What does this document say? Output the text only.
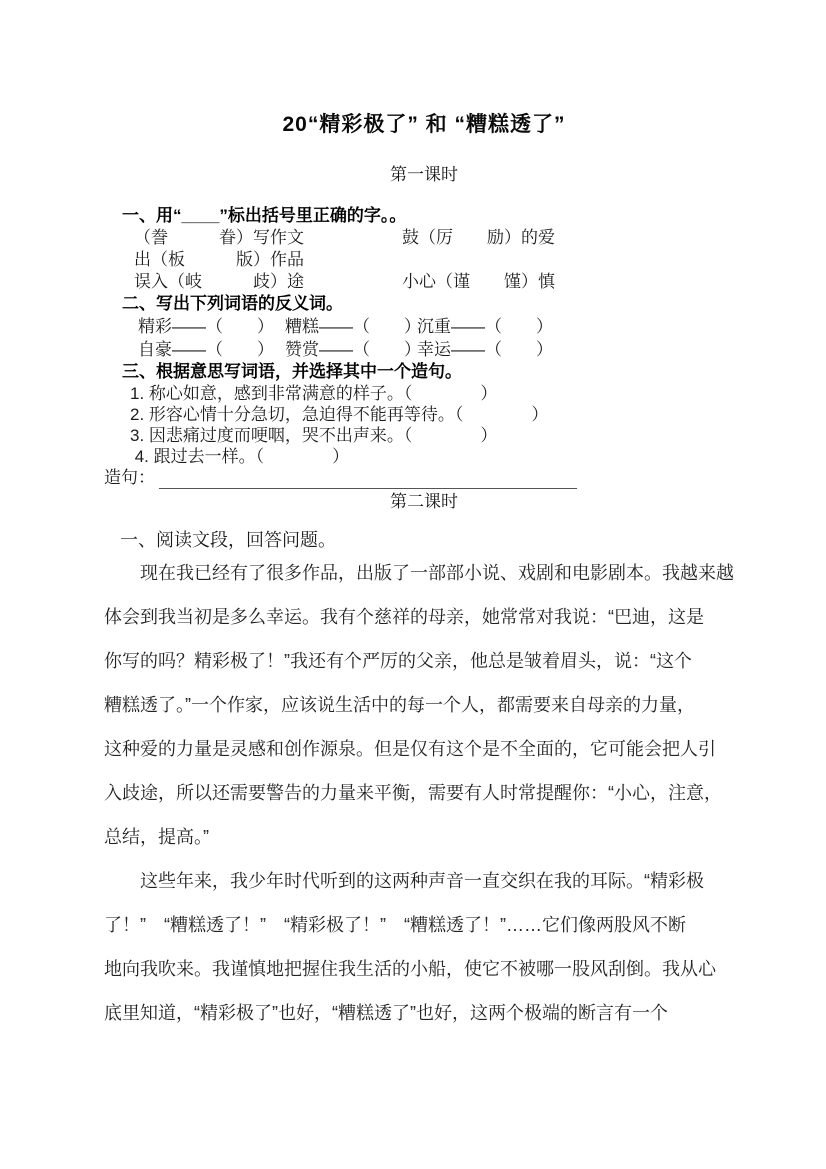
20“精彩极了” 和 “糟糕透了”
第一课时
一、用“____”标出括号里正确的字。。
（誊　　　眷）写作文	鼓（厉　　励）的爱
出（板　　　版）作品
误入（岐　　　歧）途	小心（谨　　馑）慎
二、写出下列词语的反义词。
精彩——（　　） 糟糕——（　　）
沉重——（　　）
自豪——（　　） 赞赏——（　　）
幸运——（　　）
三、根据意思写词语，并选择其中一个造句。
1. 称心如意，感到非常满意的样子。（　　　　）
2. 形容心情十分急切，急迫得不能再等待。（　　　　）
3. 因悲痛过度而哽咽，哭不出声来。（　　　　）
4. 跟过去一样。（　　　　）
造句：
第二课时
一、阅读文段，回答问题。
　　现在我已经有了很多作品，出版了一部部小说、戏剧和电影剧本。我越来越
体会到我当初是多么幸运。我有个慈祥的母亲，她常常对我说：“巴迪，这是
你写的吗？精彩极了！”我还有个严厉的父亲，他总是皱着眉头，说：“这个
糟糕透了。”一个作家，应该说生活中的每一个人，都需要来自母亲的力量，
这种爱的力量是灵感和创作源泉。但是仅有这个是不全面的，它可能会把人引
入歧途，所以还需要警告的力量来平衡，需要有人时常提醒你：“小心，注意，
总结，提高。”
　　这些年来，我少年时代听到的这两种声音一直交织在我的耳际。“精彩极
了！”　“糟糕透了！”　“精彩极了！”　“糟糕透了！”……它们像两股风不断
地向我吹来。我谨慎地把握住我生活的小船，使它不被哪一股风刮倒。我从心
底里知道，“精彩极了”也好，“糟糕透了”也好，这两个极端的断言有一个
